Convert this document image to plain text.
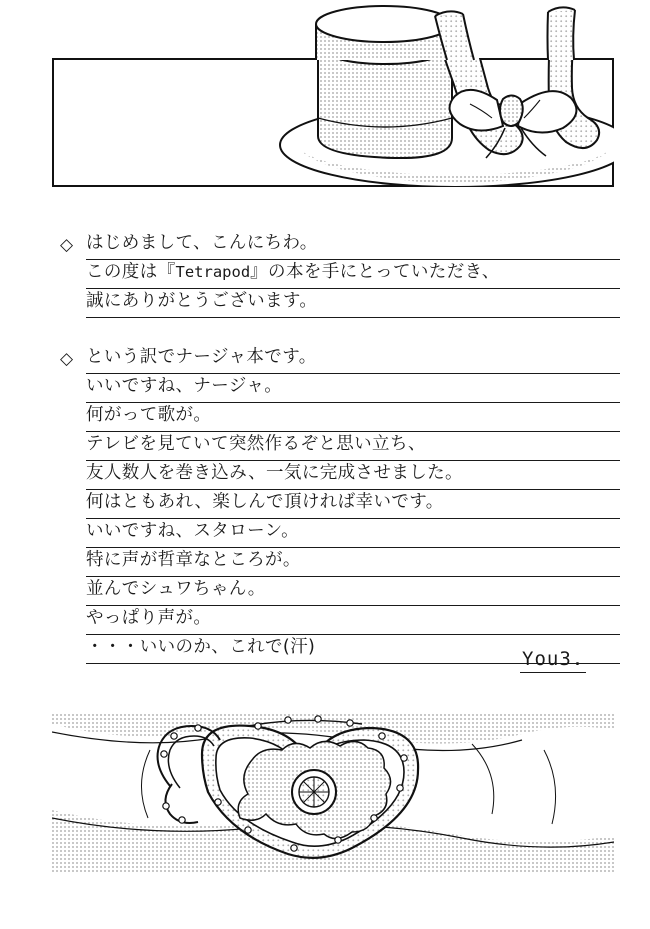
◇ はじめまして、こんにちわ。
この度は『Tetrapod』の本を手にとっていただき、
誠にありがとうございます。
◇ という訳でナージャ本です。
いいですね、ナージャ。
何がって歌が。
テレビを見ていて突然作るぞと思い立ち、
友人数人を巻き込み、一気に完成させました。
何はともあれ、楽しんで頂ければ幸いです。
いいですね、スタローン。
特に声が哲章なところが。
並んでシュワちゃん。
やっぱり声が。
・・・いいのか、これで(汗)
You3.
